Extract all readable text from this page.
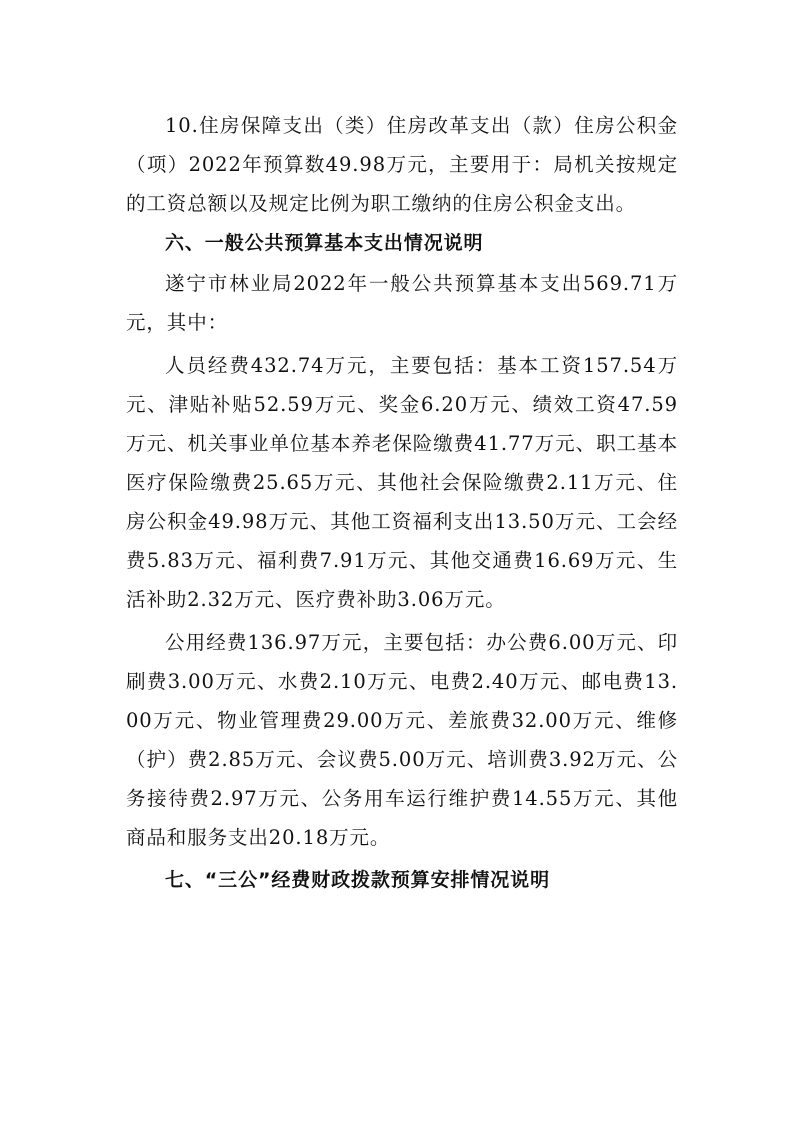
10.住房保障支出（类）住房改革支出（款）住房公积金（项）2022年预算数49.98万元，主要用于：局机关按规定的工资总额以及规定比例为职工缴纳的住房公积金支出。

六、一般公共预算基本支出情况说明

遂宁市林业局2022年一般公共预算基本支出569.71万元，其中：

人员经费432.74万元，主要包括：基本工资157.54万元、津贴补贴52.59万元、奖金6.20万元、绩效工资47.59万元、机关事业单位基本养老保险缴费41.77万元、职工基本医疗保险缴费25.65万元、其他社会保险缴费2.11万元、住房公积金49.98万元、其他工资福利支出13.50万元、工会经费5.83万元、福利费7.91万元、其他交通费16.69万元、生活补助2.32万元、医疗费补助3.06万元。

公用经费136.97万元，主要包括：办公费6.00万元、印刷费3.00万元、水费2.10万元、电费2.40万元、邮电费13.00万元、物业管理费29.00万元、差旅费32.00万元、维修（护）费2.85万元、会议费5.00万元、培训费3.92万元、公务接待费2.97万元、公务用车运行维护费14.55万元、其他商品和服务支出20.18万元。

七、“三公”经费财政拨款预算安排情况说明
